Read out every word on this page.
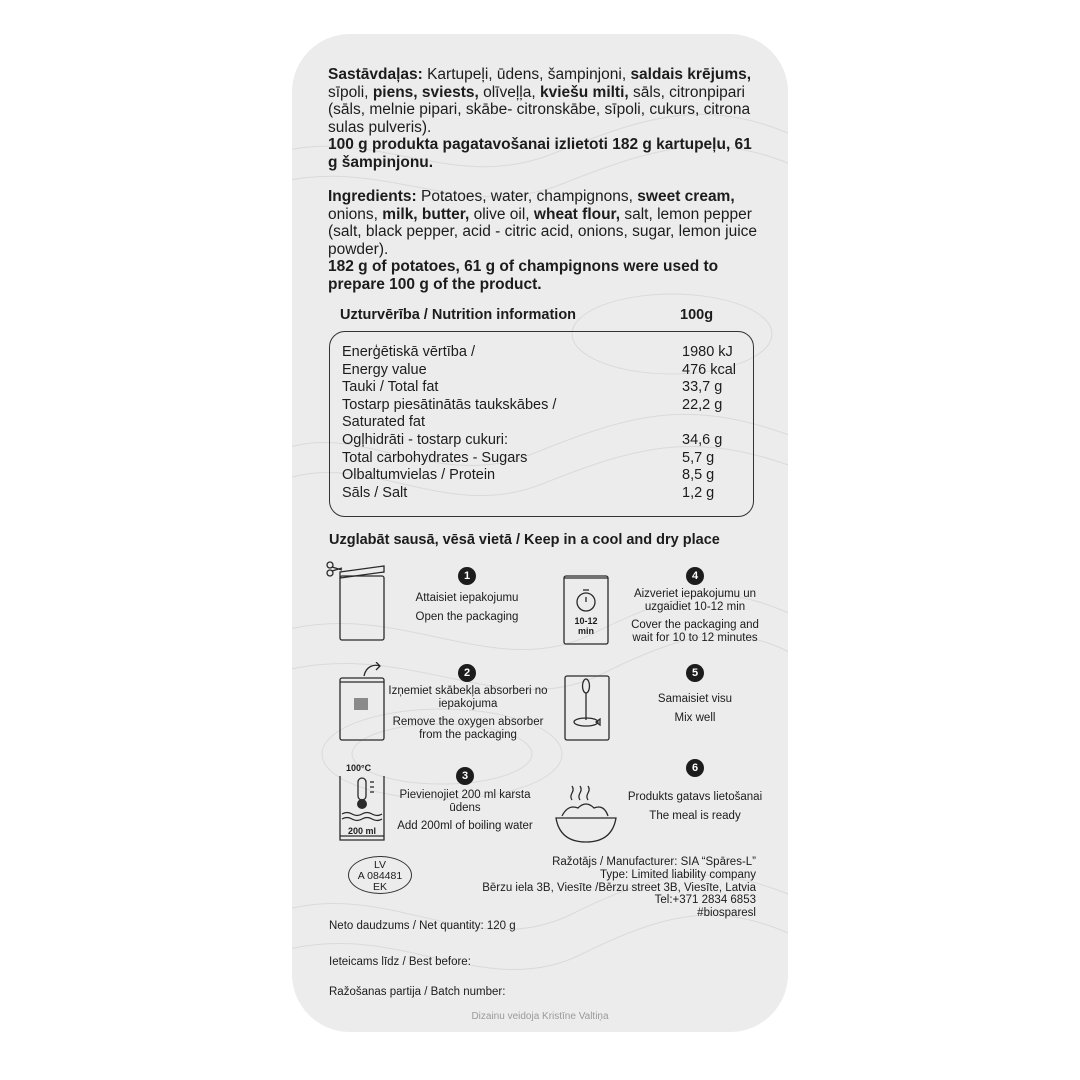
Sastāvdaļas: Kartupeļi, ūdens, šampinjoni, saldais krējums, sīpoli, piens, sviests, olīveļļa, kviešu milti, sāls, citronpipari (sāls, melnie pipari, skābe- citronskābe, sīpoli, cukurs, citrona sulas pulveris).
100 g produkta pagatavošanai izlietoti 182 g kartupeļu, 61 g šampinjonu.
Ingredients: Potatoes, water, champignons, sweet cream, onions, milk, butter, olive oil, wheat flour, salt, lemon pepper (salt, black pepper, acid - citric acid, onions, sugar, lemon juice powder).
182 g of potatoes, 61 g of champignons were used to prepare 100 g of the product.
Uzturvērība / Nutrition information	100g
Enerģētiskā vērtība /	1980 kJ
Energy value	476 kcal
Tauki / Total fat	33,7 g
Tostarp piesātinātās taukskābes /	22,2 g
Saturated fat
Ogļhidrāti - tostarp cukuri:	34,6 g
Total carbohydrates - Sugars	5,7 g
Olbaltumvielas / Protein	8,5 g
Sāls / Salt	1,2 g
Uzglabāt sausā, vēsā vietā / Keep in a cool and dry place
1
Attaisiet iepakojumu
Open the packaging	10-12
min
4
Aizveriet iepakojumu un uzgaidiet 10-12 min
Cover the packaging and wait for 10 to 12 minutes
2
Izņemiet skābekļa absorberi no iepakojuma
Remove the oxygen absorber from the packaging
5
Samaisiet visu
Mix well
100°C
200 ml
3
Pievienojiet 200 ml karsta ūdens
Add 200ml of boiling water
6
Produkts gatavs lietošanai
The meal is ready
LV
A 084481
EK
Ražotājs / Manufacturer: SIA “Spāres-L”
Type: Limited liability company
Bērzu iela 3B, Viesīte /Bērzu street 3B, Viesīte, Latvia
Tel:+371 2834 6853
#biosparesl
Neto daudzums / Net quantity: 120 g
Ieteicams līdz / Best before:
Ražošanas partija / Batch number:
Dizainu veidoja Kristīne Valtiņa
